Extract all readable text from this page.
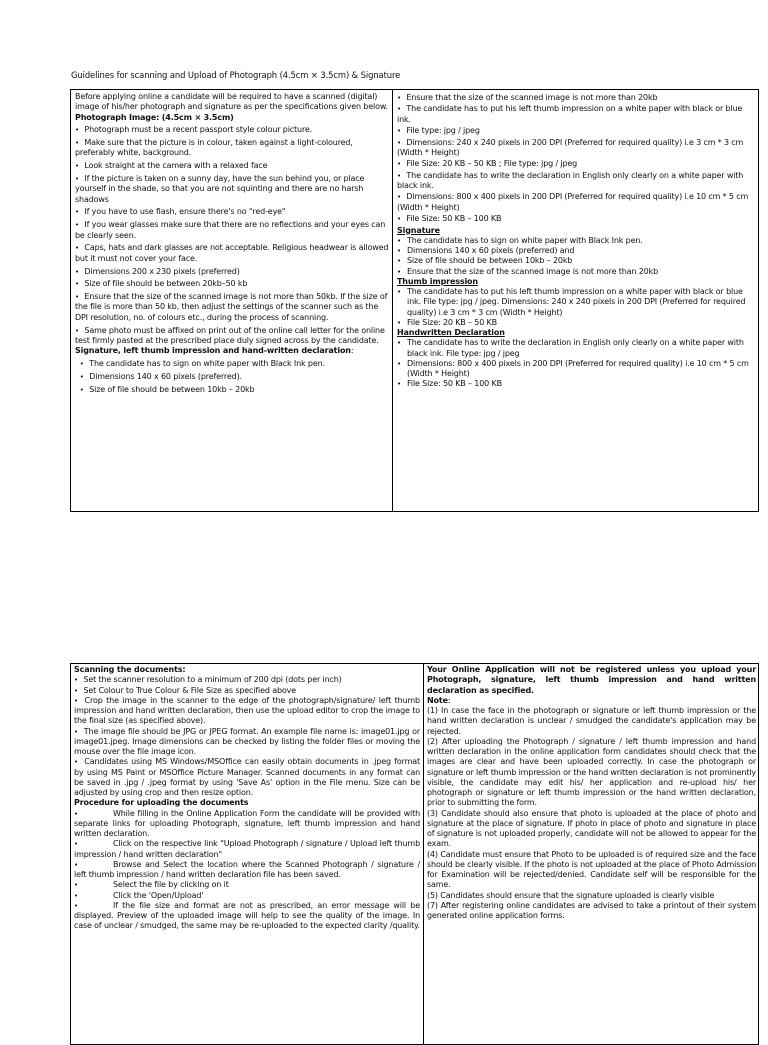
Guidelines for scanning and Upload of Photograph (4.5cm × 3.5cm) & Signature

Before applying online a candidate will be required to have a scanned (digital) image of his/her photograph and signature as per the specifications given below.

Photograph Image: (4.5cm × 3.5cm)

• Photograph must be a recent passport style colour picture.

• Make sure that the picture is in colour, taken against a light-coloured, preferably white, background.

• Look straight at the camera with a relaxed face

• If the picture is taken on a sunny day, have the sun behind you, or place yourself in the shade, so that you are not squinting and there are no harsh shadows

• If you have to use flash, ensure there's no "red-eye"

• If you wear glasses make sure that there are no reflections and your eyes can be clearly seen.

• Caps, hats and dark glasses are not acceptable. Religious headwear is allowed but it must not cover your face.

• Dimensions 200 x 230 pixels (preferred)

• Size of file should be between 20kb–50 kb

• Ensure that the size of the scanned image is not more than 50kb. If the size of the file is more than 50 kb, then adjust the settings of the scanner such as the DPI resolution, no. of colours etc., during the process of scanning.

• Same photo must be affixed on print out of the online call letter for the online test firmly pasted at the prescribed place duly signed across by the candidate.

Signature, left thumb impression and hand-written declaration:

• The candidate has to sign on white paper with Black Ink pen.

• Dimensions 140 x 60 pixels (preferred).

• Size of file should be between 10kb – 20kb

• Ensure that the size of the scanned image is not more than 20kb

• The candidate has to put his left thumb impression on a white paper with black or blue ink.

• File type: jpg / jpeg

• Dimensions: 240 x 240 pixels in 200 DPI (Preferred for required quality) i.e 3 cm * 3 cm (Width * Height)

• File Size: 20 KB – 50 KB ; File type: jpg / jpeg

• The candidate has to write the declaration in English only clearly on a white paper with black ink.

• Dimensions: 800 x 400 pixels in 200 DPI (Preferred for required quality) i.e 10 cm * 5 cm (Width * Height)

• File Size: 50 KB – 100 KB

Signature

• The candidate has to sign on white paper with Black Ink pen.

• Dimensions 140 x 60 pixels (preferred) and

• Size of file should be between 10kb – 20kb

• Ensure that the size of the scanned image is not more than 20kb

Thumb impression

• The candidate has to put his left thumb impression on a white paper with black or blue ink. File type: jpg / jpeg. Dimensions: 240 x 240 pixels in 200 DPI (Preferred for required quality) i.e 3 cm * 3 cm (Width * Height)

• File Size: 20 KB – 50 KB

Handwritten Declaration

• The candidate has to write the declaration in English only clearly on a white paper with black ink. File type: jpg / jpeg

• Dimensions: 800 x 400 pixels in 200 DPI (Preferred for required quality) i.e 10 cm * 5 cm (Width * Height)

• File Size: 50 KB – 100 KB

Scanning the documents:

• Set the scanner resolution to a minimum of 200 dpi (dots per inch)

• Set Colour to True Colour & File Size as specified above

• Crop the image in the scanner to the edge of the photograph/signature/ left thumb impression and hand written declaration, then use the upload editor to crop the image to the final size (as specified above).

• The image file should be JPG or JPEG format. An example file name is: image01.jpg or image01.jpeg. Image dimensions can be checked by listing the folder files or moving the mouse over the file image icon.

• Candidates using MS Windows/MSOffice can easily obtain documents in .jpeg format by using MS Paint or MSOffice Picture Manager. Scanned documents in any format can be saved in .jpg / .jpeg format by using 'Save As' option in the File menu. Size can be adjusted by using crop and then resize option.

Procedure for uploading the documents

•	While filling in the Online Application Form the candidate will be provided with separate links for uploading Photograph, signature, left thumb impression and hand written declaration.

•	Click on the respective link "Upload Photograph / signature / Upload left thumb impression / hand written declaration"

•	Browse and Select the location where the Scanned Photograph / signature / left thumb impression / hand written declaration file has been saved.

•	Select the file by clicking on it

•	Click the 'Open/Upload'

•	If the file size and format are not as prescribed, an error message will be displayed. Preview of the uploaded image will help to see the quality of the image. In case of unclear / smudged, the same may be re-uploaded to the expected clarity /quality.

Your Online Application will not be registered unless you upload your Photograph, signature, left thumb impression and hand written declaration as specified.

Note:

(1) In case the face in the photograph or signature or left thumb impression or the hand written declaration is unclear / smudged the candidate's application may be rejected.

(2) After uploading the Photograph / signature / left thumb impression and hand written declaration in the online application form candidates should check that the images are clear and have been uploaded correctly. In case the photograph or signature or left thumb impression or the hand written declaration is not prominently visible, the candidate may edit his/ her application and re-upload his/ her photograph or signature or left thumb impression or the hand written declaration, prior to submitting the form.

(3) Candidate should also ensure that photo is uploaded at the place of photo and signature at the place of signature. If photo in place of photo and signature in place of signature is not uploaded properly, candidate will not be allowed to appear for the exam.

(4) Candidate must ensure that Photo to be uploaded is of required size and the face should be clearly visible. If the photo is not uploaded at the place of Photo Admission for Examination will be rejected/denied. Candidate self will be responsible for the same.

(5) Candidates should ensure that the signature uploaded is clearly visible

(7) After registering online candidates are advised to take a printout of their system generated online application forms.
